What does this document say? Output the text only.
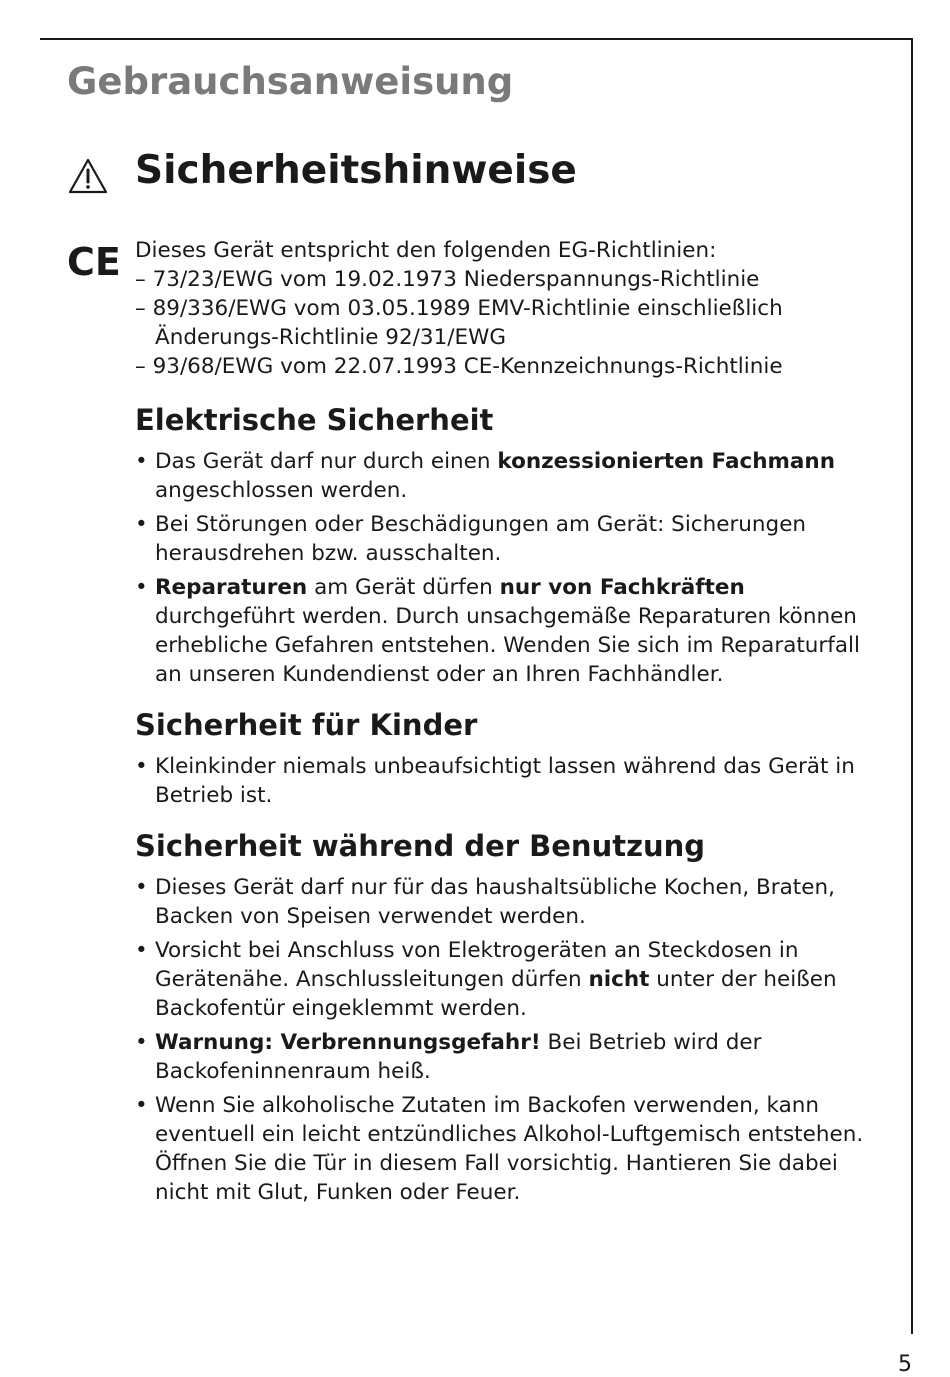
Gebrauchsanweisung
Sicherheitshinweise
CE Dieses Gerät entspricht den folgenden EG-Richtlinien:

– 73/23/EWG vom 19.02.1973 Niederspannungs-Richtlinie

– 89/336/EWG vom 03.05.1989 EMV-Richtlinie einschließlich Änderungs-Richtlinie 92/31/EWG

– 93/68/EWG vom 22.07.1993 CE-Kennzeichnungs-Richtlinie

Elektrische Sicherheit
• Das Gerät darf nur durch einen konzessionierten Fachmann angeschlossen werden.
• Bei Störungen oder Beschädigungen am Gerät: Sicherungen herausdrehen bzw. ausschalten.
• Reparaturen am Gerät dürfen nur von Fachkräften durchgeführt werden. Durch unsachgemäße Reparaturen können erhebliche Gefahren entstehen. Wenden Sie sich im Reparaturfall an unseren Kundendienst oder an Ihren Fachhändler.
Sicherheit für Kinder
• Kleinkinder niemals unbeaufsichtigt lassen während das Gerät in Betrieb ist.
Sicherheit während der Benutzung
• Dieses Gerät darf nur für das haushaltsübliche Kochen, Braten, Backen von Speisen verwendet werden.
• Vorsicht bei Anschluss von Elektrogeräten an Steckdosen in Gerätenähe. Anschlussleitungen dürfen nicht unter der heißen Backofentür eingeklemmt werden.
• Warnung: Verbrennungsgefahr! Bei Betrieb wird der Backofeninnenraum heiß.
• Wenn Sie alkoholische Zutaten im Backofen verwenden, kann eventuell ein leicht entzündliches Alkohol-Luftgemisch entstehen. Öffnen Sie die Tür in diesem Fall vorsichtig. Hantieren Sie dabei nicht mit Glut, Funken oder Feuer.
5
